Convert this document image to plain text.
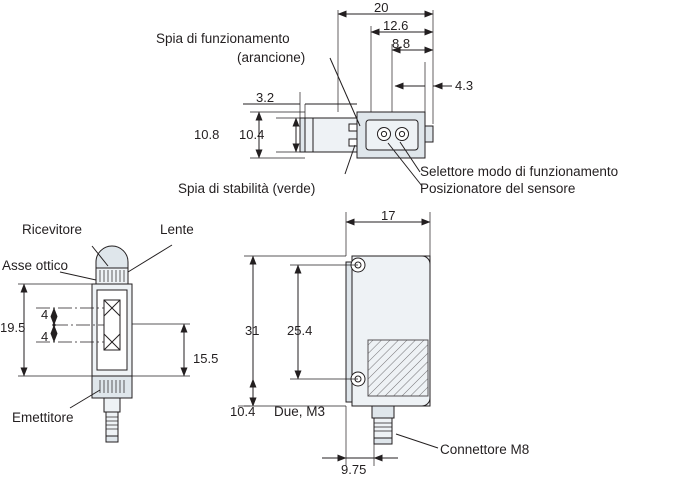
20
12.6
8.8
4.3
3.2
10.8 10.4
Spia di funzionamento
(arancione)
Spia di stabilità (verde)
Selettore modo di funzionamento
Posizionatore del sensore
Ricevitore	Lente
Asse ottico
Emettitore
19.5
4
4
15.5
17
31 25.4
10.4 Due, M3
9.75
Connettore M8
